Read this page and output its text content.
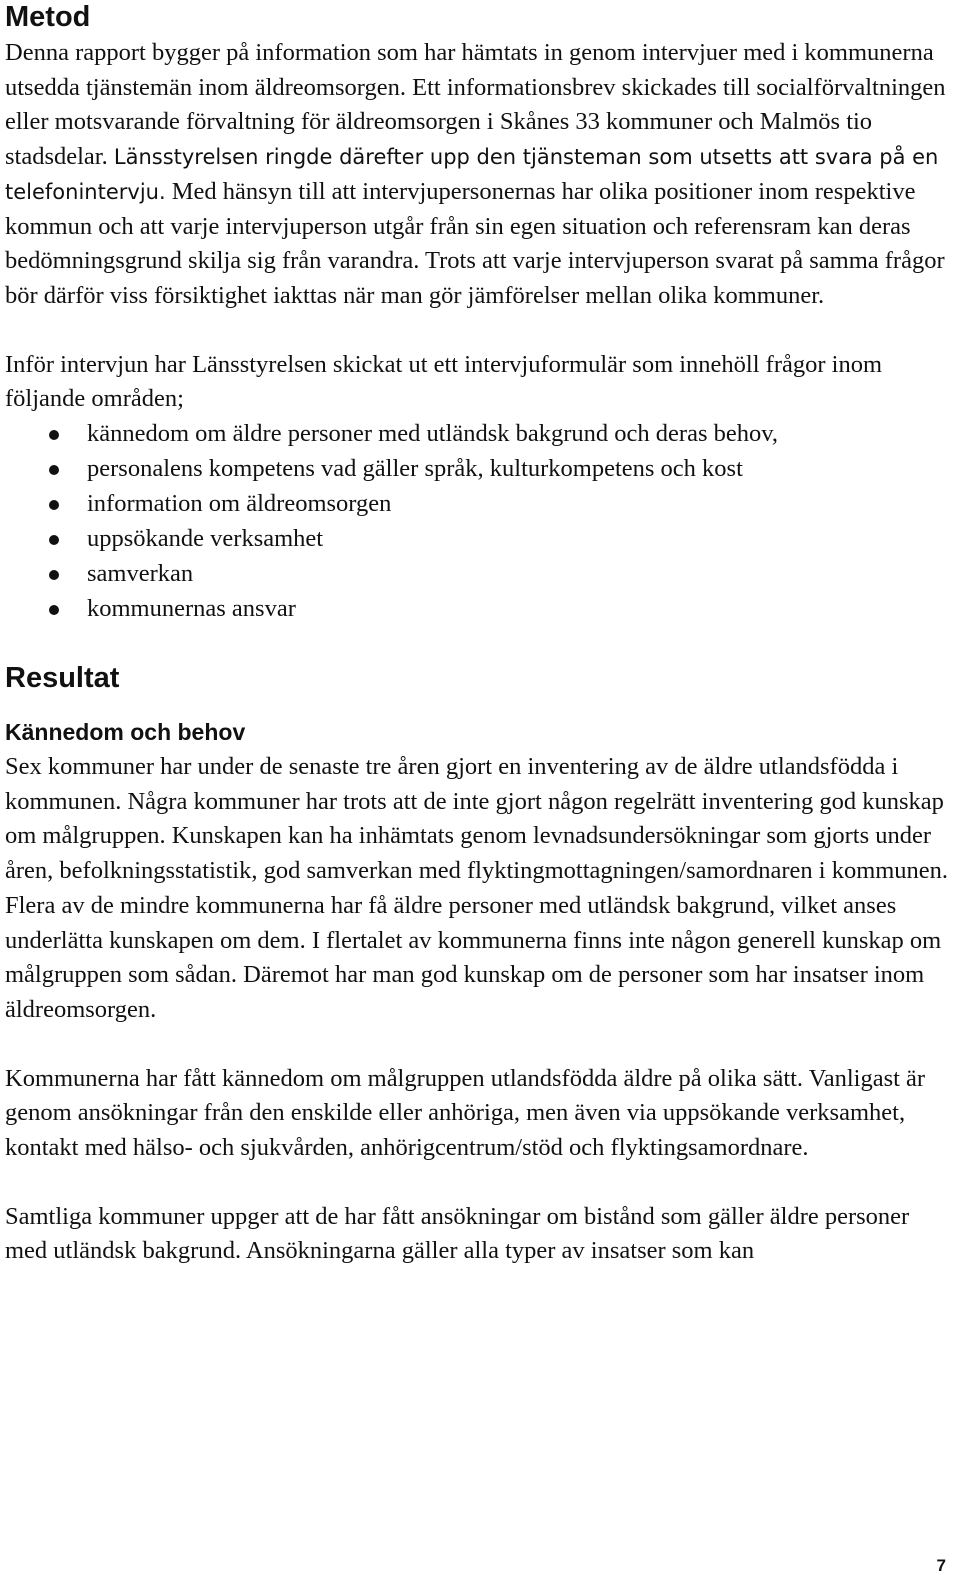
Metod

Denna rapport bygger på information som har hämtats in genom intervjuer med i kommunerna utsedda tjänstemän inom äldreomsorgen. Ett informationsbrev skickades till socialförvaltningen eller motsvarande förvaltning för äldreomsorgen i Skånes 33 kommuner och Malmös tio stadsdelar. Länsstyrelsen ringde därefter upp den tjänsteman som utsetts att svara på en telefonintervju. Med hänsyn till att intervjupersonernas har olika positioner inom respektive kommun och att varje intervjuperson utgår från sin egen situation och referensram kan deras bedömningsgrund skilja sig från varandra. Trots att varje intervjuperson svarat på samma frågor bör därför viss försiktighet iakttas när man gör jämförelser mellan olika kommuner.

Inför intervjun har Länsstyrelsen skickat ut ett intervjuformulär som innehöll frågor inom följande områden;

kännedom om äldre personer med utländsk bakgrund och deras behov,
personalens kompetens vad gäller språk, kulturkompetens och kost
information om äldreomsorgen
uppsökande verksamhet
samverkan
kommunernas ansvar
Resultat
Kännedom och behov

Sex kommuner har under de senaste tre åren gjort en inventering av de äldre utlandsfödda i kommunen. Några kommuner har trots att de inte gjort någon regelrätt inventering god kunskap om målgruppen. Kunskapen kan ha inhämtats genom levnadsundersökningar som gjorts under åren, befolkningsstatistik, god samverkan med flyktingmottagningen/samordnaren i kommunen. Flera av de mindre kommunerna har få äldre personer med utländsk bakgrund, vilket anses underlätta kunskapen om dem. I flertalet av kommunerna finns inte någon generell kunskap om målgruppen som sådan. Däremot har man god kunskap om de personer som har insatser inom äldreomsorgen.

Kommunerna har fått kännedom om målgruppen utlandsfödda äldre på olika sätt. Vanligast är genom ansökningar från den enskilde eller anhöriga, men även via uppsökande verksamhet, kontakt med hälso- och sjukvården, anhörigcentrum/stöd och flyktingsamordnare.

Samtliga kommuner uppger att de har fått ansökningar om bistånd som gäller äldre personer med utländsk bakgrund. Ansökningarna gäller alla typer av insatser som kan

7
